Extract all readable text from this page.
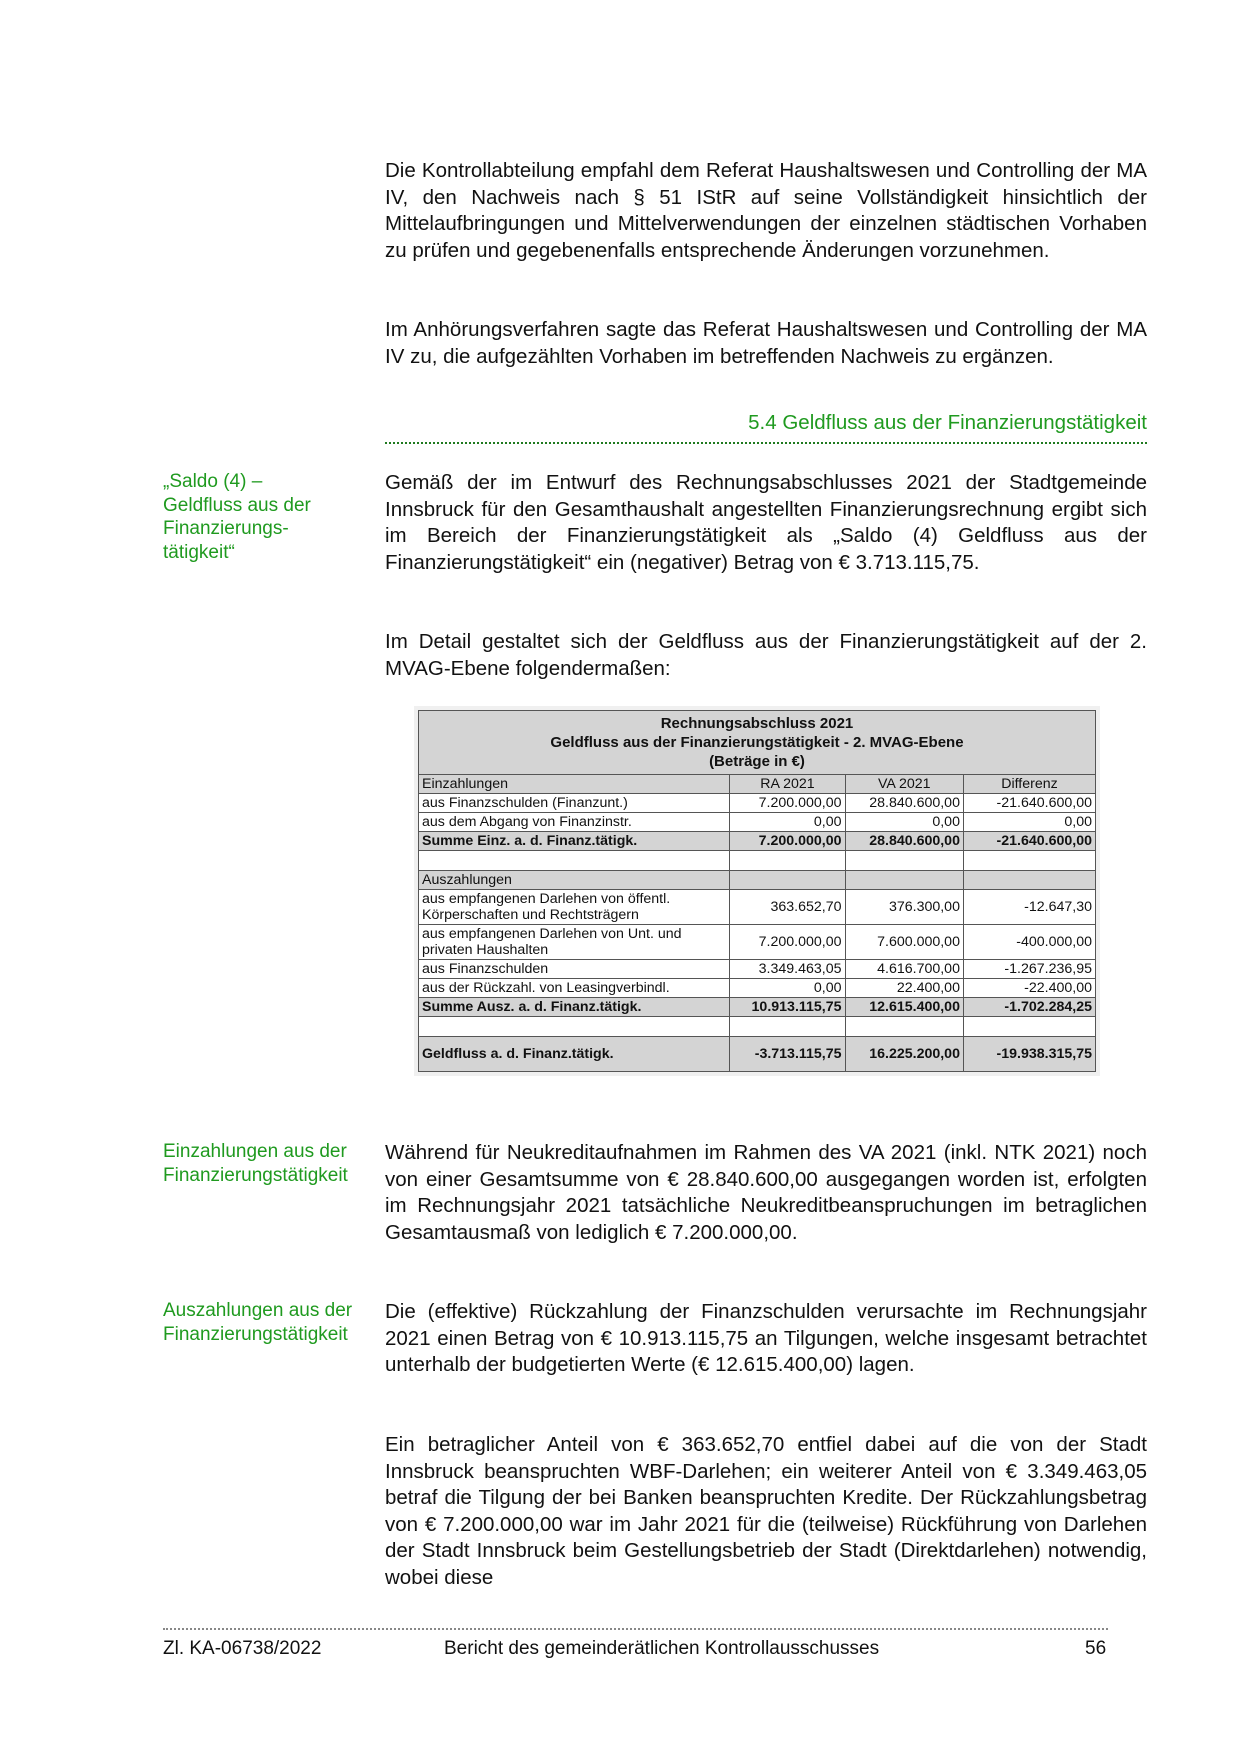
Die Kontrollabteilung empfahl dem Referat Haushaltswesen und Controlling der MA IV, den Nachweis nach § 51 IStR auf seine Vollständigkeit hinsichtlich der Mittelaufbringungen und Mittelverwendungen der einzelnen städtischen Vorhaben zu prüfen und gegebenenfalls entsprechende Änderungen vorzunehmen.

Im Anhörungsverfahren sagte das Referat Haushaltswesen und Controlling der MA IV zu, die aufgezählten Vorhaben im betreffenden Nachweis zu ergänzen.

5.4 Geldfluss aus der Finanzierungstätigkeit

„Saldo (4) – Geldfluss aus der Finanzierungs-tätigkeit“

Gemäß der im Entwurf des Rechnungsabschlusses 2021 der Stadtgemeinde Innsbruck für den Gesamthaushalt angestellten Finanzierungsrechnung ergibt sich im Bereich der Finanzierungstätigkeit als „Saldo (4) Geldfluss aus der Finanzierungstätigkeit“ ein (negativer) Betrag von € 3.713.115,75.

Im Detail gestaltet sich der Geldfluss aus der Finanzierungstätigkeit auf der 2. MVAG-Ebene folgendermaßen:

Rechnungsabschluss 2021
Geldfluss aus der Finanzierungstätigkeit - 2. MVAG-Ebene
(Beträge in €)			

Einzahlungen	RA 2021	VA 2021	Differenz
aus Finanzschulden (Finanzunt.)	7.200.000,00	28.840.600,00	-21.640.600,00
aus dem Abgang von Finanzinstr.	0,00	0,00	0,00
Summe Einz. a. d. Finanz.tätigk.	7.200.000,00	28.840.600,00	-21.640.600,00

Auszahlungen			
aus empfangenen Darlehen von öffentl. Körperschaften und Rechtsträgern	363.652,70	376.300,00	-12.647,30
aus empfangenen Darlehen von Unt. und privaten Haushalten	7.200.000,00	7.600.000,00	-400.000,00
aus Finanzschulden	3.349.463,05	4.616.700,00	-1.267.236,95
aus der Rückzahl. von Leasingverbindl.	0,00	22.400,00	-22.400,00
Summe Ausz. a. d. Finanz.tätigk.	10.913.115,75	12.615.400,00	-1.702.284,25

Geldfluss a. d. Finanz.tätigk.	-3.713.115,75	16.225.200,00	-19.938.315,75

Einzahlungen aus der Finanzierungstätigkeit

Während für Neukreditaufnahmen im Rahmen des VA 2021 (inkl. NTK 2021) noch von einer Gesamtsumme von € 28.840.600,00 ausgegangen worden ist, erfolgten im Rechnungsjahr 2021 tatsächliche Neukreditbeanspruchungen im betraglichen Gesamtausmaß von lediglich € 7.200.000,00.

Auszahlungen aus der Finanzierungstätigkeit

Die (effektive) Rückzahlung der Finanzschulden verursachte im Rechnungsjahr 2021 einen Betrag von € 10.913.115,75 an Tilgungen, welche insgesamt betrachtet unterhalb der budgetierten Werte (€ 12.615.400,00) lagen.

Ein betraglicher Anteil von € 363.652,70 entfiel dabei auf die von der Stadt Innsbruck beanspruchten WBF-Darlehen; ein weiterer Anteil von € 3.349.463,05 betraf die Tilgung der bei Banken beanspruchten Kredite. Der Rückzahlungsbetrag von € 7.200.000,00 war im Jahr 2021 für die (teilweise) Rückführung von Darlehen der Stadt Innsbruck beim Gestellungsbetrieb der Stadt (Direktdarlehen) notwendig, wobei diese

Zl. KA-06738/2022	Bericht des gemeinderätlichen Kontrollausschusses	56
